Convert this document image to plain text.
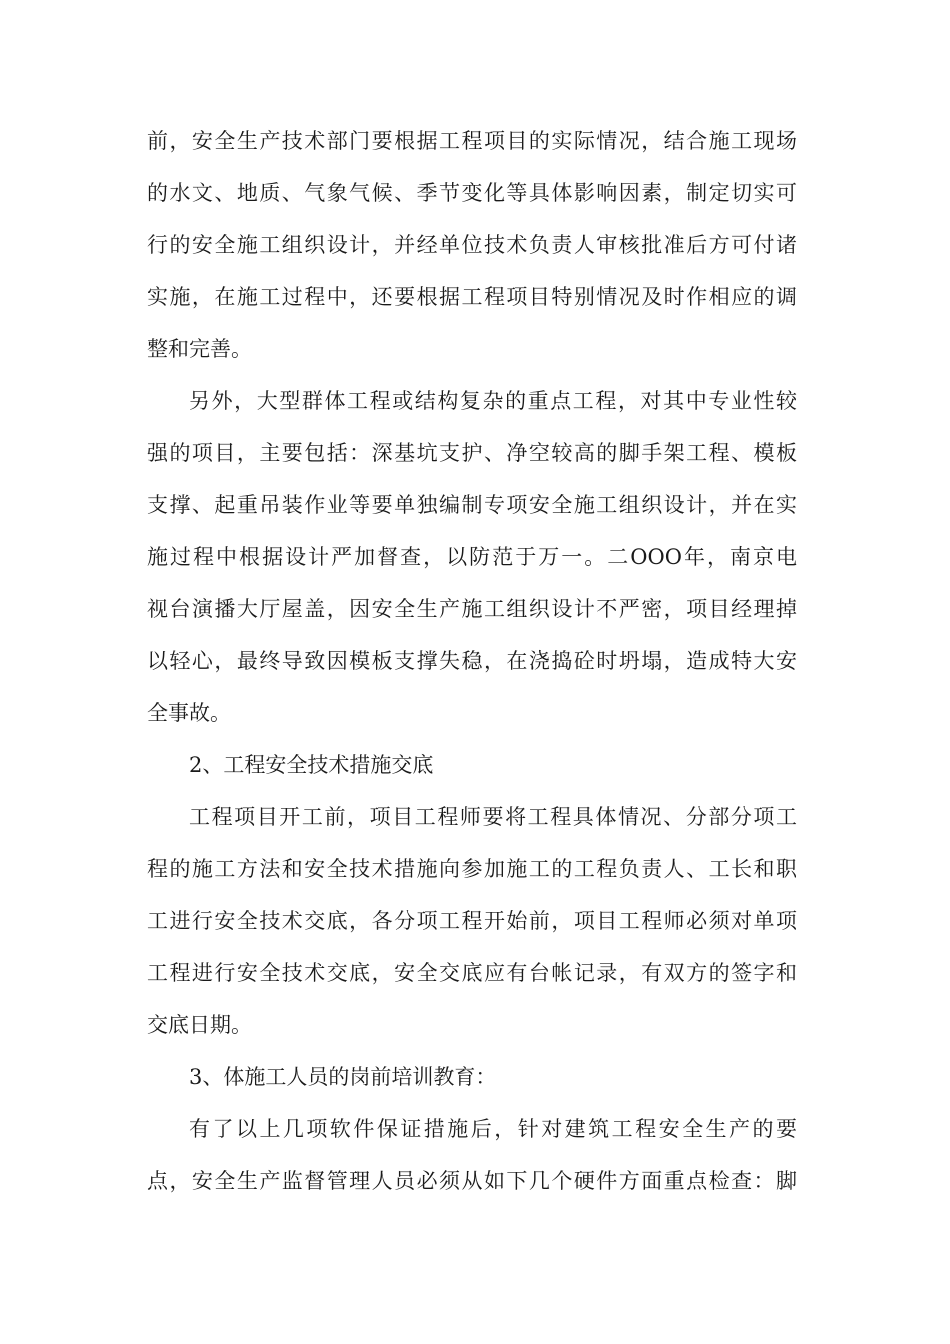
前，安全生产技术部门要根据工程项目的实际情况，结合施工现场
的水文、地质、气象气候、季节变化等具体影响因素，制定切实可
行的安全施工组织设计，并经单位技术负责人审核批准后方可付诸
实施，在施工过程中，还要根据工程项目特别情况及时作相应的调
整和完善。
另外，大型群体工程或结构复杂的重点工程，对其中专业性较
强的项目，主要包括：深基坑支护、净空较高的脚手架工程、模板
支撑、起重吊装作业等要单独编制专项安全施工组织设计，并在实
施过程中根据设计严加督查，以防范于万一。二OOO年，南京电
视台演播大厅屋盖，因安全生产施工组织设计不严密，项目经理掉
以轻心，最终导致因模板支撑失稳，在浇捣砼时坍塌，造成特大安
全事故。
2、工程安全技术措施交底
工程项目开工前，项目工程师要将工程具体情况、分部分项工
程的施工方法和安全技术措施向参加施工的工程负责人、工长和职
工进行安全技术交底，各分项工程开始前，项目工程师必须对单项
工程进行安全技术交底，安全交底应有台帐记录，有双方的签字和
交底日期。
3、体施工人员的岗前培训教育：
有了以上几项软件保证措施后，针对建筑工程安全生产的要
点，安全生产监督管理人员必须从如下几个硬件方面重点检查：脚
